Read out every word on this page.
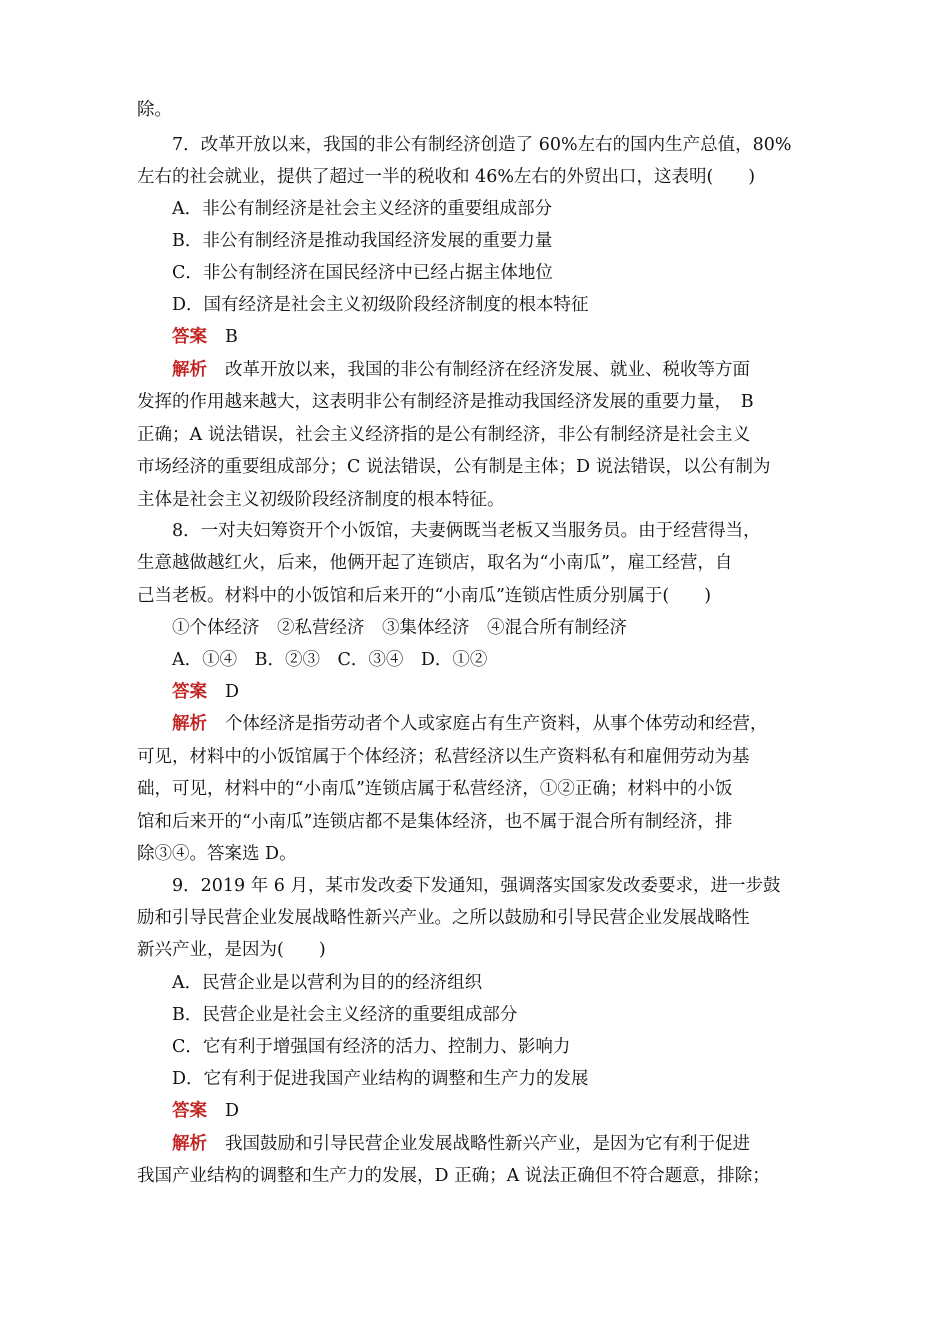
除。
7．改革开放以来，我国的非公有制经济创造了 60%左右的国内生产总值，80%
左右的社会就业，提供了超过一半的税收和 46%左右的外贸出口，这表明(　　)
A．非公有制经济是社会主义经济的重要组成部分
B．非公有制经济是推动我国经济发展的重要力量
C．非公有制经济在国民经济中已经占据主体地位
D．国有经济是社会主义初级阶段经济制度的根本特征
答案 B
解析 改革开放以来，我国的非公有制经济在经济发展、就业、税收等方面
发挥的作用越来越大，这表明非公有制经济是推动我国经济发展的重要力量，　B
正确；A 说法错误，社会主义经济指的是公有制经济，非公有制经济是社会主义
市场经济的重要组成部分；C 说法错误，公有制是主体；D 说法错误，以公有制为
主体是社会主义初级阶段经济制度的根本特征。
8．一对夫妇筹资开个小饭馆，夫妻俩既当老板又当服务员。由于经营得当，
生意越做越红火，后来，他俩开起了连锁店，取名为“小南瓜”，雇工经营，自
己当老板。材料中的小饭馆和后来开的“小南瓜”连锁店性质分别属于(　　)
①个体经济　②私营经济　③集体经济　④混合所有制经济
A．①④　B．②③　C．③④　D．①②
答案 D
解析 个体经济是指劳动者个人或家庭占有生产资料，从事个体劳动和经营，
可见，材料中的小饭馆属于个体经济；私营经济以生产资料私有和雇佣劳动为基
础，可见，材料中的“小南瓜”连锁店属于私营经济，①②正确；材料中的小饭
馆和后来开的“小南瓜”连锁店都不是集体经济，也不属于混合所有制经济，排
除③④。答案选 D。
9．2019 年 6 月，某市发改委下发通知，强调落实国家发改委要求，进一步鼓
励和引导民营企业发展战略性新兴产业。之所以鼓励和引导民营企业发展战略性
新兴产业，是因为(　　)
A．民营企业是以营利为目的的经济组织
B．民营企业是社会主义经济的重要组成部分
C．它有利于增强国有经济的活力、控制力、影响力
D．它有利于促进我国产业结构的调整和生产力的发展
答案 D
解析 我国鼓励和引导民营企业发展战略性新兴产业，是因为它有利于促进
我国产业结构的调整和生产力的发展，D 正确；A 说法正确但不符合题意，排除；
